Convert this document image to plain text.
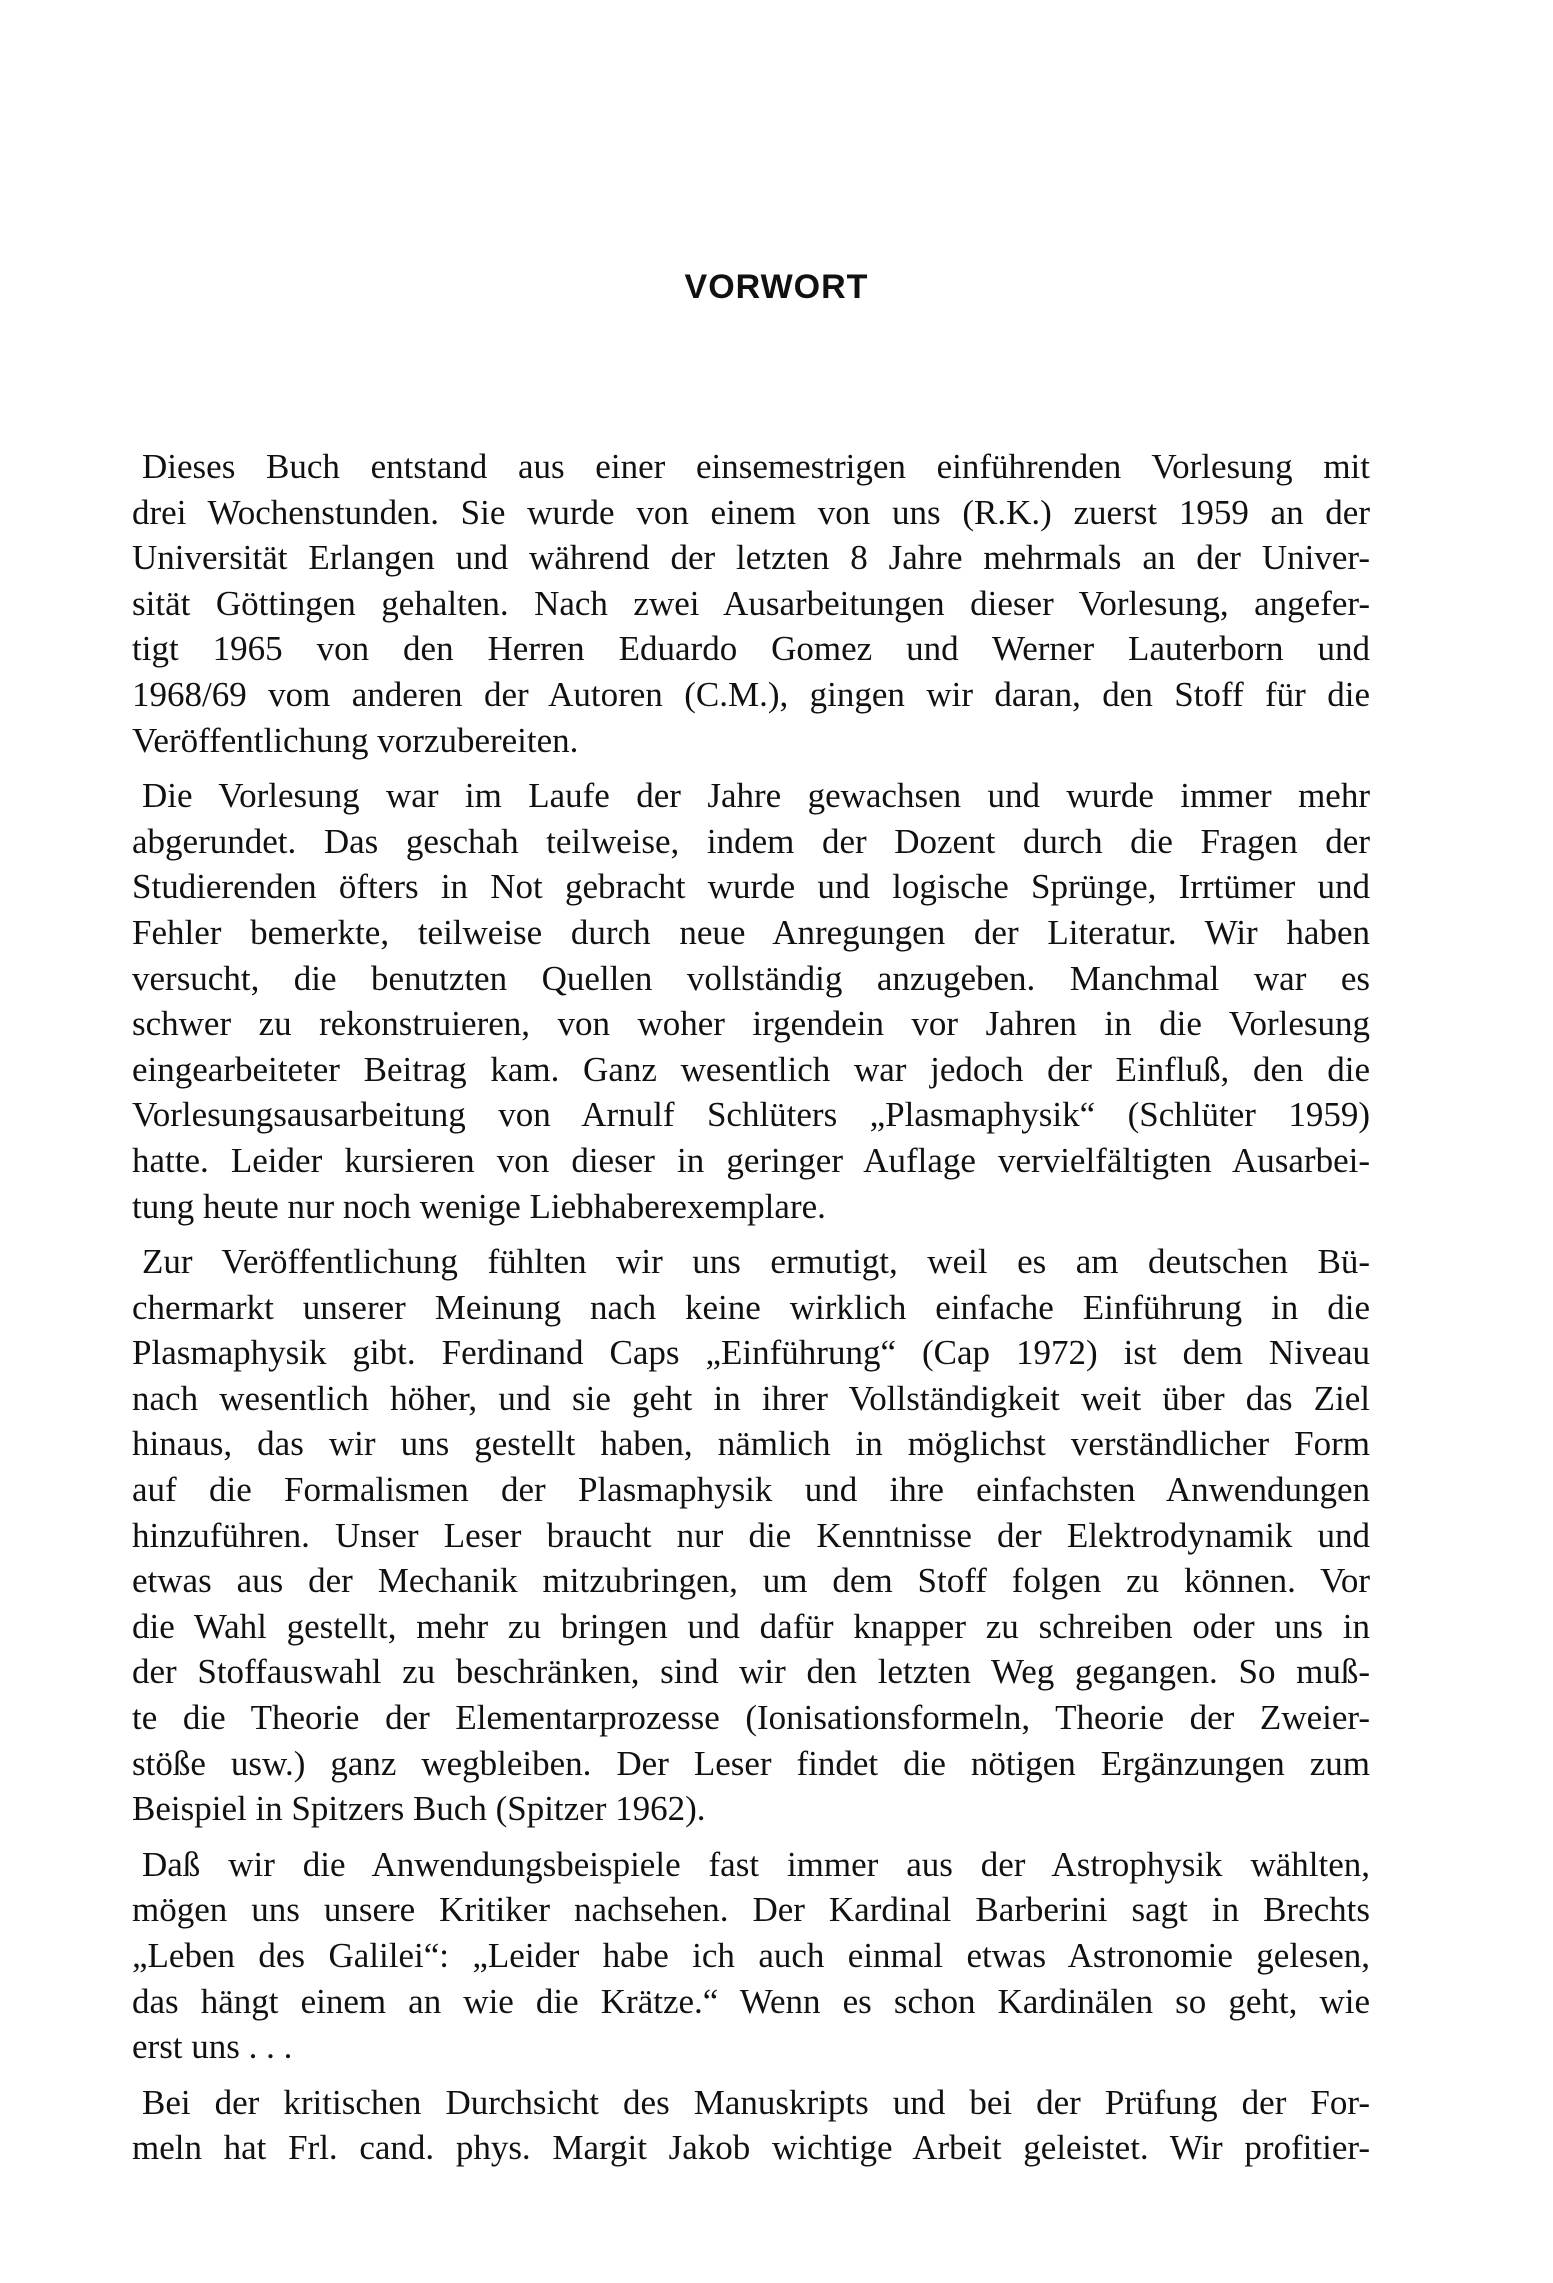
VORWORT
Dieses Buch entstand aus einer einsemestrigen einführenden Vorlesung mit
drei Wochenstunden. Sie wurde von einem von uns (R.K.) zuerst 1959 an der
Universität Erlangen und während der letzten 8 Jahre mehrmals an der Univer-
sität Göttingen gehalten. Nach zwei Ausarbeitungen dieser Vorlesung, angefer-
tigt 1965 von den Herren Eduardo Gomez und Werner Lauterborn und
1968/69 vom anderen der Autoren (C.M.), gingen wir daran, den Stoff für die
Veröffentlichung vorzubereiten.
Die Vorlesung war im Laufe der Jahre gewachsen und wurde immer mehr
abgerundet. Das geschah teilweise, indem der Dozent durch die Fragen der
Studierenden öfters in Not gebracht wurde und logische Sprünge, Irrtümer und
Fehler bemerkte, teilweise durch neue Anregungen der Literatur. Wir haben
versucht, die benutzten Quellen vollständig anzugeben. Manchmal war es
schwer zu rekonstruieren, von woher irgendein vor Jahren in die Vorlesung
eingearbeiteter Beitrag kam. Ganz wesentlich war jedoch der Einfluß, den die
Vorlesungsausarbeitung von Arnulf Schlüters „Plasmaphysik“ (Schlüter 1959)
hatte. Leider kursieren von dieser in geringer Auflage vervielfältigten Ausarbei-
tung heute nur noch wenige Liebhaberexemplare.
Zur Veröffentlichung fühlten wir uns ermutigt, weil es am deutschen Bü-
chermarkt unserer Meinung nach keine wirklich einfache Einführung in die
Plasmaphysik gibt. Ferdinand Caps „Einführung“ (Cap 1972) ist dem Niveau
nach wesentlich höher, und sie geht in ihrer Vollständigkeit weit über das Ziel
hinaus, das wir uns gestellt haben, nämlich in möglichst verständlicher Form
auf die Formalismen der Plasmaphysik und ihre einfachsten Anwendungen
hinzuführen. Unser Leser braucht nur die Kenntnisse der Elektrodynamik und
etwas aus der Mechanik mitzubringen, um dem Stoff folgen zu können. Vor
die Wahl gestellt, mehr zu bringen und dafür knapper zu schreiben oder uns in
der Stoffauswahl zu beschränken, sind wir den letzten Weg gegangen. So muß-
te die Theorie der Elementarprozesse (Ionisationsformeln, Theorie der Zweier-
stöße usw.) ganz wegbleiben. Der Leser findet die nötigen Ergänzungen zum
Beispiel in Spitzers Buch (Spitzer 1962).
Daß wir die Anwendungsbeispiele fast immer aus der Astrophysik wählten,
mögen uns unsere Kritiker nachsehen. Der Kardinal Barberini sagt in Brechts
„Leben des Galilei“: „Leider habe ich auch einmal etwas Astronomie gelesen,
das hängt einem an wie die Krätze.“ Wenn es schon Kardinälen so geht, wie
erst uns . . .
Bei der kritischen Durchsicht des Manuskripts und bei der Prüfung der For-
meln hat Frl. cand. phys. Margit Jakob wichtige Arbeit geleistet. Wir profitier-
